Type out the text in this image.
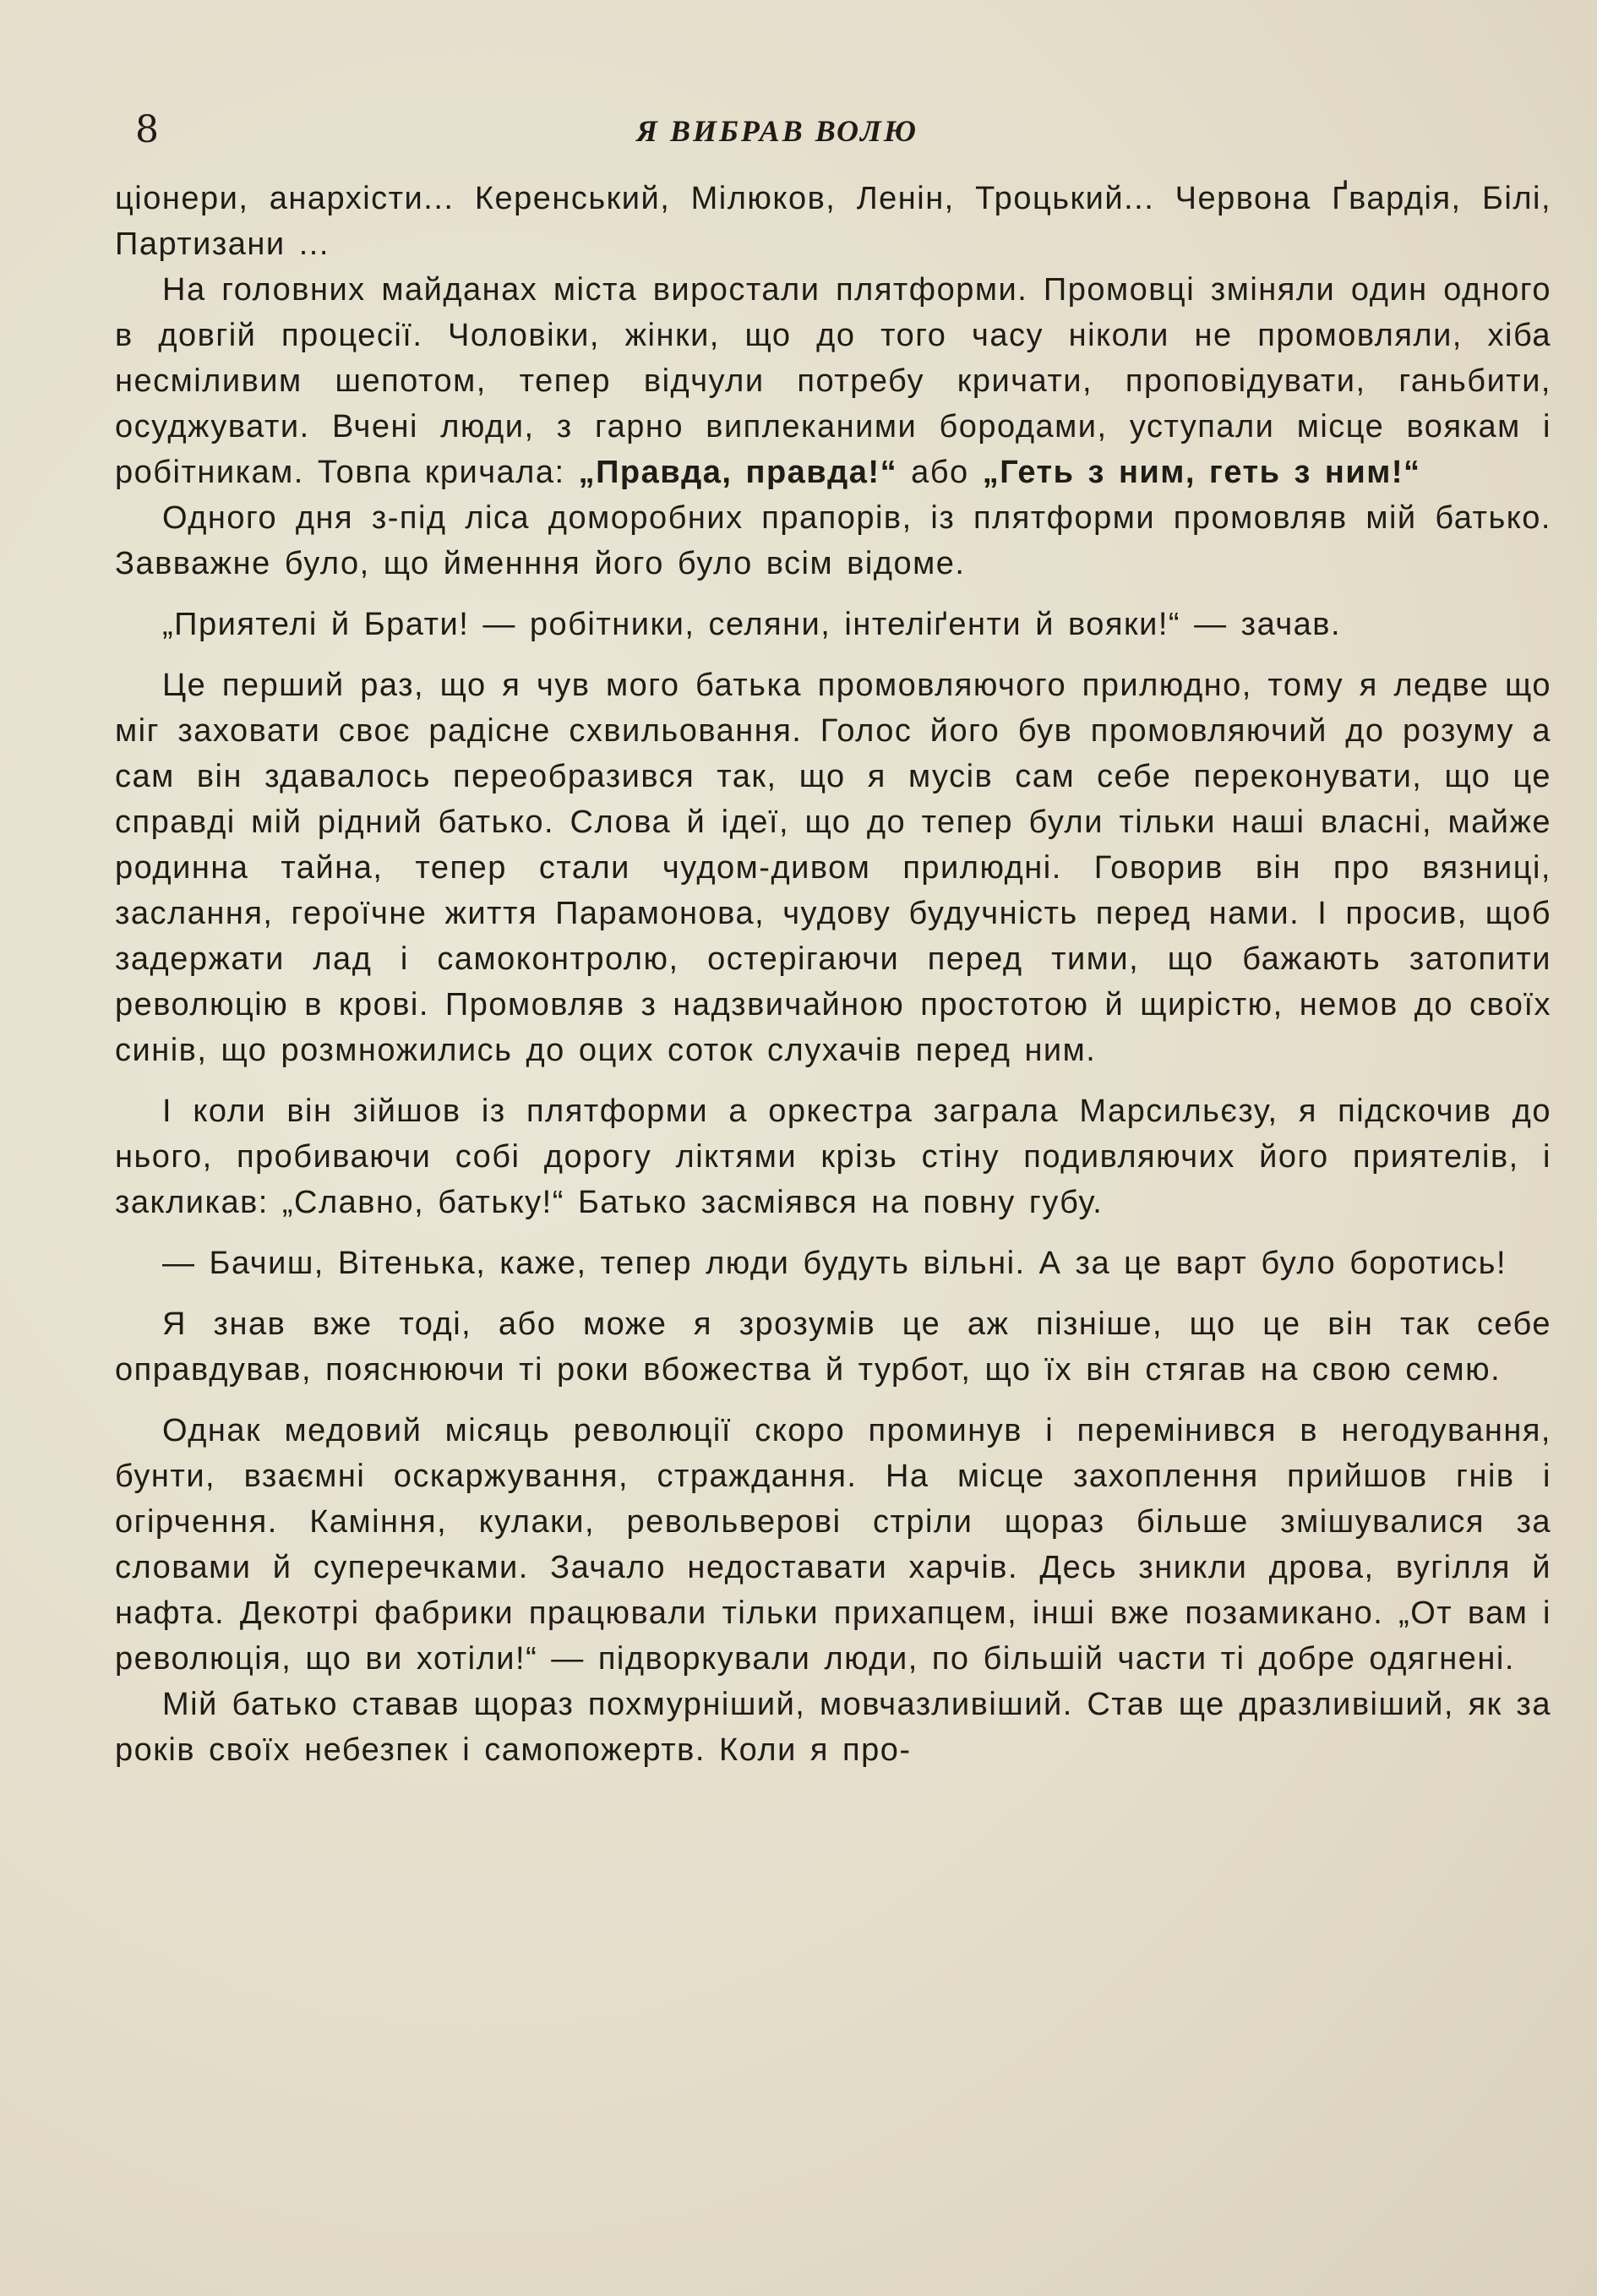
8	Я ВИБРАВ ВОЛЮ

ціонери, анархісти... Керенський, Мілюков, Ленін, Троцький... Червона Ґвардія, Білі, Партизани ...

На головних майданах міста виростали плятформи. Промовці зміняли один одного в довгій процесії. Чоловіки, жінки, що до того часу ніколи не промовляли, хіба несміливим шепотом, тепер відчули потребу кричати, проповідувати, ганьбити, осуджувати. Вчені люди, з гарно виплеканими бородами, уступали місце воякам і робітникам. Товпа кричала: „Правда, правда!“ або „Геть з ним, геть з ним!“

Одного дня з-під ліса доморобних прапорів, із плятформи промовляв мій батько. Завважне було, що йменння його було всім відоме.

„Приятелі й Брати! — робітники, селяни, інтеліґенти й вояки!“ — зачав.

Це перший раз, що я чув мого батька промовляючого прилюдно, тому я ледве що міг заховати своє радісне схвильовання. Голос його був промовляючий до розуму а сам він здавалось переобразився так, що я мусів сам себе переконувати, що це справді мій рідний батько. Слова й ідеї, що до тепер були тільки наші власні, майже родинна тайна, тепер стали чудом-дивом прилюдні. Говорив він про вязниці, заслання, героїчне життя Парамонова, чудову будучність перед нами. І просив, щоб задержати лад і самоконтролю, остерігаючи перед тими, що бажають затопити революцію в крові. Промовляв з надзвичайною простотою й щирістю, немов до своїх синів, що розмножились до оцих соток слухачів перед ним.

І коли він зійшов із плятформи а оркестра заграла Марсильєзу, я підскочив до нього, пробиваючи собі дорогу ліктями крізь стіну подивляючих його приятелів, і закликав: „Славно, батьку!“ Батько засміявся на повну губу.

— Бачиш, Вітенька, каже, тепер люди будуть вільні. А за це варт було боротись!

Я знав вже тоді, або може я зрозумів це аж пізніше, що це він так себе оправдував, пояснюючи ті роки вбожества й турбот, що їх він стягав на свою семю.

Однак медовий місяць революції скоро проминув і перемінився в негодування, бунти, взаємні оскаржування, страждання. На місце захоплення прийшов гнів і огірчення. Каміння, кулаки, револьверові стріли щораз більше змішувалися за словами й суперечками. Зачало недоставати харчів. Десь зникли дрова, вугілля й нафта. Декотрі фабрики працювали тільки прихапцем, інші вже позамикано. „От вам і революція, що ви хотіли!“ — підворкували люди, по більшій части ті добре одягнені.

Мій батько ставав щораз похмурніший, мовчазливіший. Став ще дразливіший, як за років своїх небезпек і самопожертв. Коли я про-
